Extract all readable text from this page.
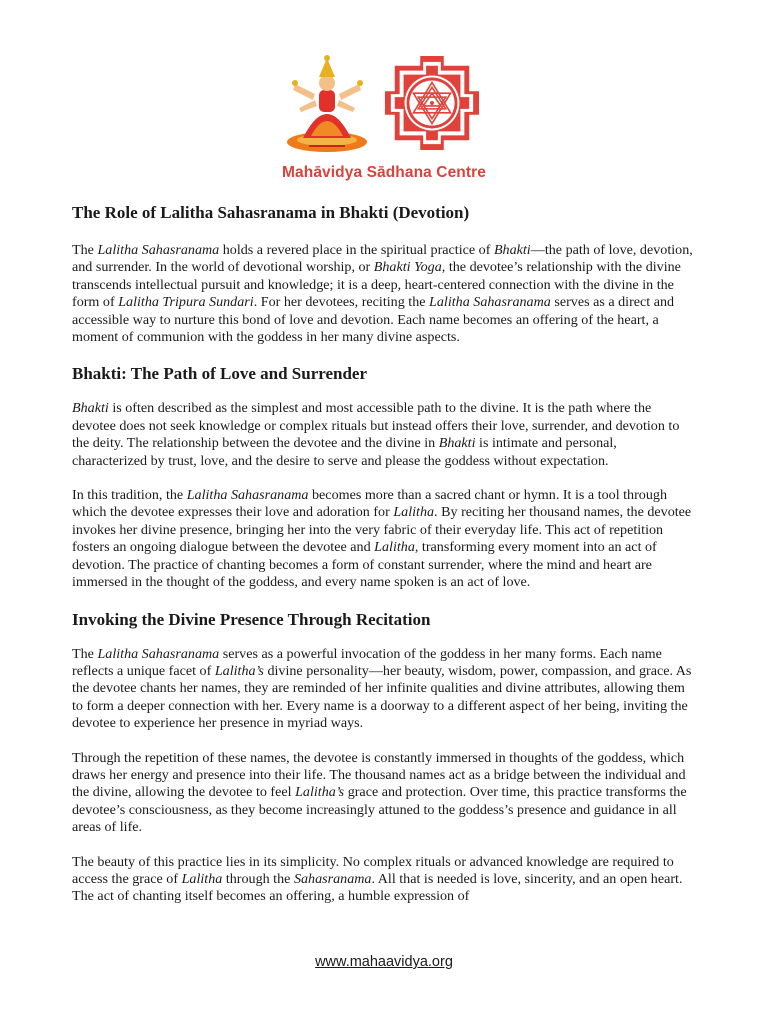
Mahāvidya Sādhana Centre
The Role of Lalitha Sahasranama in Bhakti (Devotion)

The Lalitha Sahasranama holds a revered place in the spiritual practice of Bhakti—the path of love, devotion, and surrender. In the world of devotional worship, or Bhakti Yoga, the devotee’s relationship with the divine transcends intellectual pursuit and knowledge; it is a deep, heart-centered connection with the divine in the form of Lalitha Tripura Sundari. For her devotees, reciting the Lalitha Sahasranama serves as a direct and accessible way to nurture this bond of love and devotion. Each name becomes an offering of the heart, a moment of communion with the goddess in her many divine aspects.

Bhakti: The Path of Love and Surrender

Bhakti is often described as the simplest and most accessible path to the divine. It is the path where the devotee does not seek knowledge or complex rituals but instead offers their love, surrender, and devotion to the deity. The relationship between the devotee and the divine in Bhakti is intimate and personal, characterized by trust, love, and the desire to serve and please the goddess without expectation.

In this tradition, the Lalitha Sahasranama becomes more than a sacred chant or hymn. It is a tool through which the devotee expresses their love and adoration for Lalitha. By reciting her thousand names, the devotee invokes her divine presence, bringing her into the very fabric of their everyday life. This act of repetition fosters an ongoing dialogue between the devotee and Lalitha, transforming every moment into an act of devotion. The practice of chanting becomes a form of constant surrender, where the mind and heart are immersed in the thought of the goddess, and every name spoken is an act of love.

Invoking the Divine Presence Through Recitation

The Lalitha Sahasranama serves as a powerful invocation of the goddess in her many forms. Each name reflects a unique facet of Lalitha’s divine personality—her beauty, wisdom, power, compassion, and grace. As the devotee chants her names, they are reminded of her infinite qualities and divine attributes, allowing them to form a deeper connection with her. Every name is a doorway to a different aspect of her being, inviting the devotee to experience her presence in myriad ways.

Through the repetition of these names, the devotee is constantly immersed in thoughts of the goddess, which draws her energy and presence into their life. The thousand names act as a bridge between the individual and the divine, allowing the devotee to feel Lalitha’s grace and protection. Over time, this practice transforms the devotee’s consciousness, as they become increasingly attuned to the goddess’s presence and guidance in all areas of life.

The beauty of this practice lies in its simplicity. No complex rituals or advanced knowledge are required to access the grace of Lalitha through the Sahasranama. All that is needed is love, sincerity, and an open heart. The act of chanting itself becomes an offering, a humble expression of

www.mahaavidya.org
